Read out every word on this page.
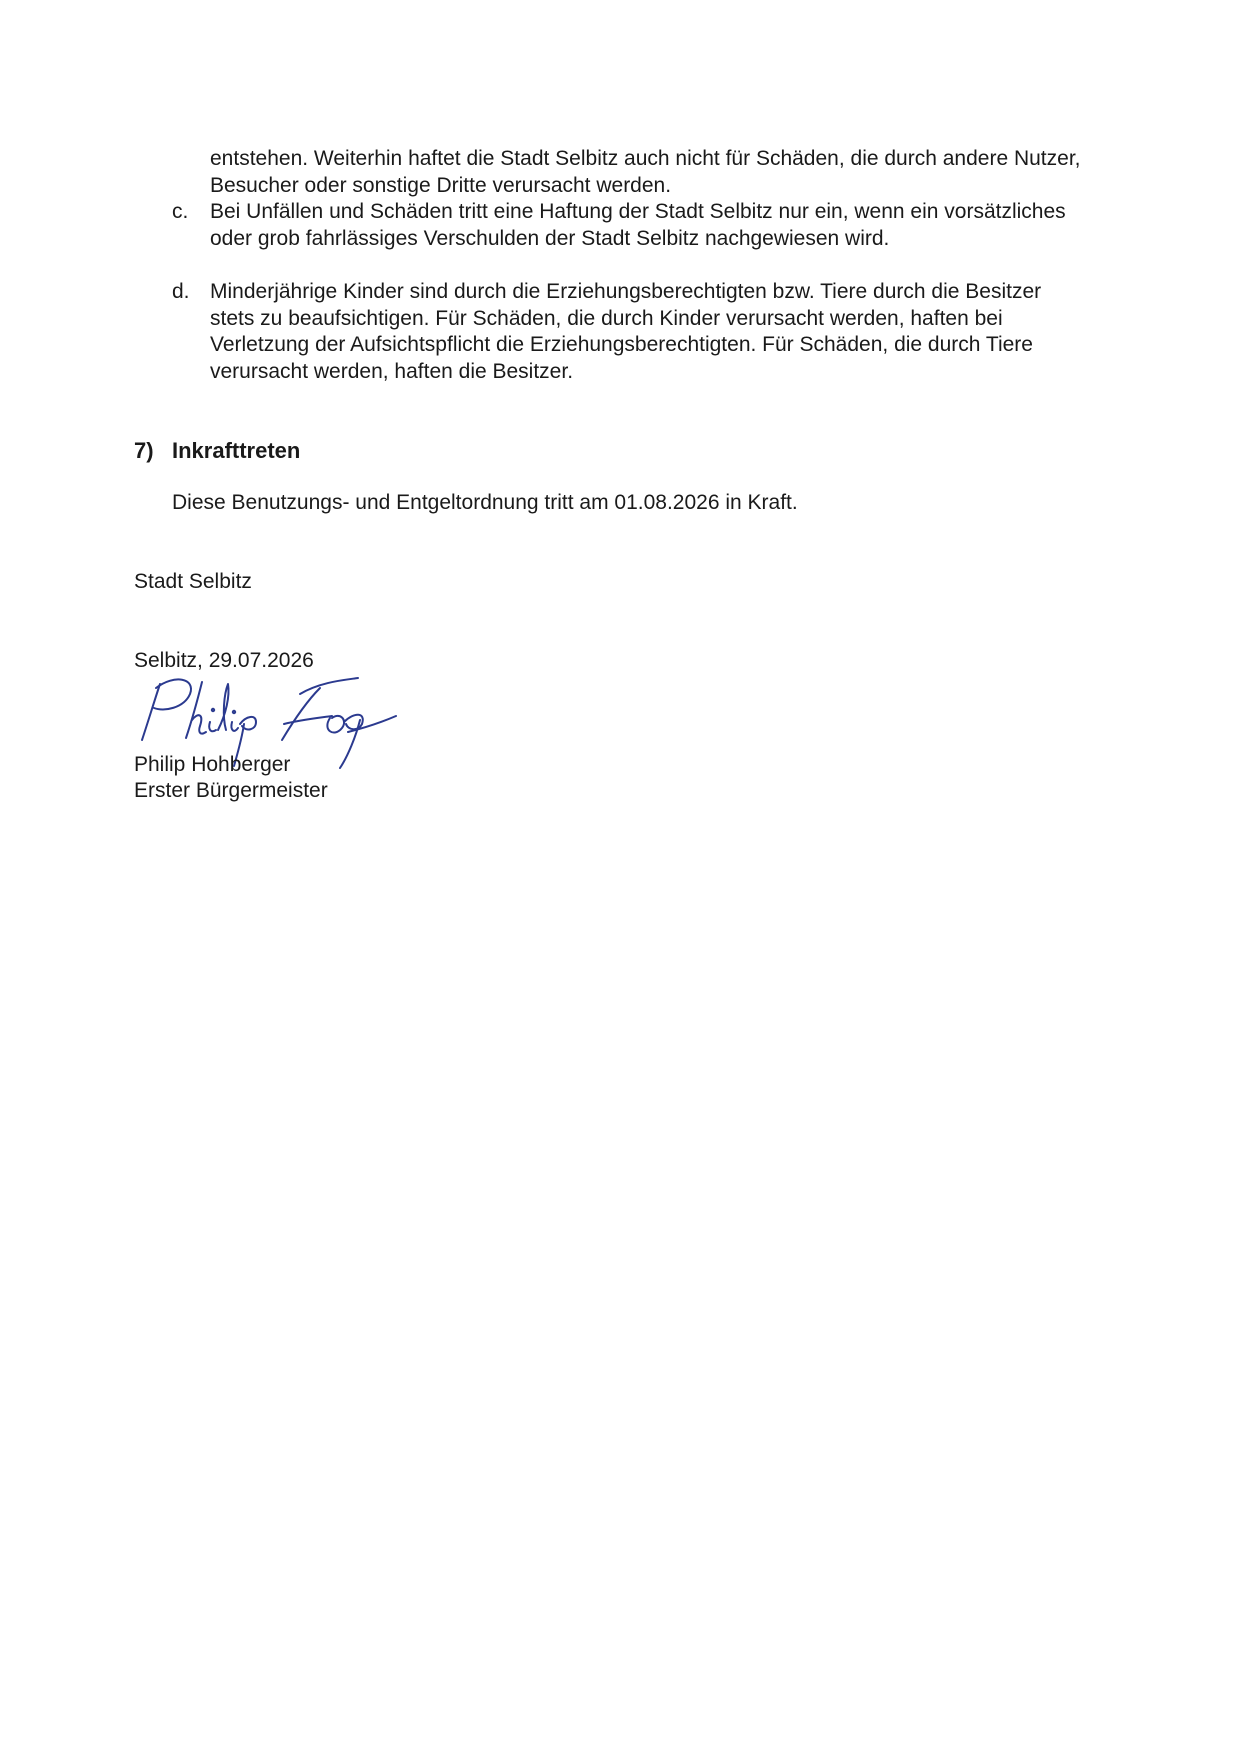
entstehen. Weiterhin haftet die Stadt Selbitz auch nicht für Schäden, die durch andere Nutzer, Besucher oder sonstige Dritte verursacht werden.
c.	Bei Unfällen und Schäden tritt eine Haftung der Stadt Selbitz nur ein, wenn ein vorsätzliches oder grob fahrlässiges Verschulden der Stadt Selbitz nachgewiesen wird.
d. Minderjährige Kinder sind durch die Erziehungsberechtigten bzw. Tiere durch die Besitzer stets zu beaufsichtigen. Für Schäden, die durch Kinder verursacht werden, haften bei Verletzung der Aufsichtspflicht die Erziehungsberechtigten. Für Schäden, die durch Tiere verursacht werden, haften die Besitzer.
7) Inkrafttreten
Diese Benutzungs- und Entgeltordnung tritt am 01.08.2026 in Kraft.
Stadt Selbitz
Selbitz, 29.07.2026
Philip Hohberger
Erster Bürgermeister
